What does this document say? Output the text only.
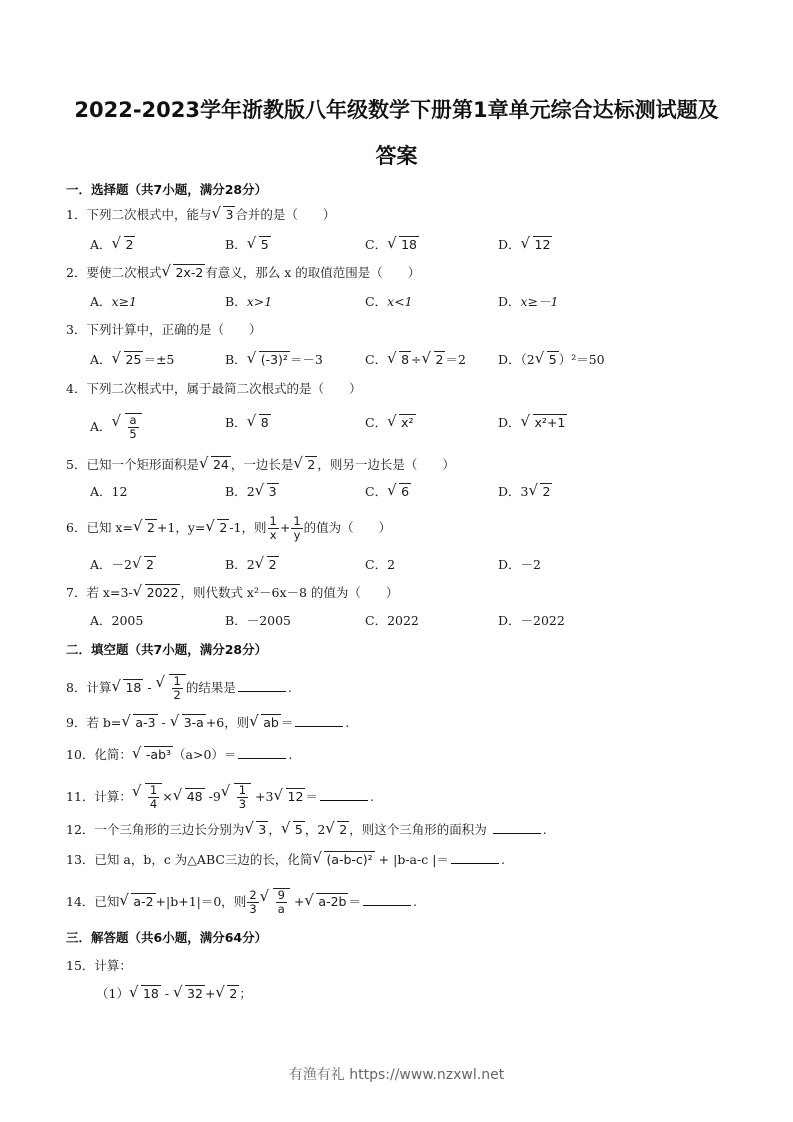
2022-2023学年浙教版八年级数学下册第1章单元综合达标测试题及
答案
一．选择题（共7小题，满分28分）
1．下列二次根式中，能与 √ 3 合并的是（　　）
A． √ 2	B． √ 5	C． √ 18	D． √ 12
2．要使二次根式 √ 2x-2 有意义，那么 x 的取值范围是（　　）
A．x≥1	B．x>1	C．x<1	D．x≥－1
3．下列计算中，正确的是（　　）
A． √ 25 ＝±5	B． √ (-3)² ＝－3	C． √ 8 ÷ √ 2 ＝2	D．（2 √ 5 ）²＝50
4．下列二次根式中，属于最简二次根式的是（　　）
A． √ $\frac{a}{5}$	B． √ 8	C． √ x²	D． √ x²+1
5．已知一个矩形面积是 √ 24 ，一边长是 √ 2 ，则另一边长是（　　）
A．12	B．2 √ 3	C． √ 6	D．3 √ 2
6．已知 x= √ 2 +1，y= √ 2 -1，则 $\frac{1}{x} + \frac{1}{y}$ 的值为（　　）
A．－2 √ 2	B．2 √ 2	C．2	D．－2
7．若 x=3- √ 2022 ，则代数式 x²－6x－8 的值为（　　）
A．2005	B．－2005	C．2022	D．－2022
二．填空题（共7小题，满分28分）
8．计算 √ 18 - √ $\frac{1}{2}$ 的结果是	.
9．若 b= √ a-3 - √ 3-a +6，则 √ ab ＝	.
10．化简： √ -ab³ （a>0）＝	.
11．计算： √ $\frac{1}{4}$ × √ 48 -9 √ $\frac{1}{3} +3$ √ 12 ＝	.
12．一个三角形的三边长分别为 √ 3 ， √ 5 ，2 √ 2 ，则这个三角形的面积为	.
13．已知 a，b，c 为△ABC三边的长，化简 √ (a-b-c)² + |b-a-c |＝	.
14．已知 √ a-2 +|b+1|＝0，则 $\frac{2}{3}$ √ $\frac{9}{a}$ + √ a-2b ＝	.
三．解答题（共6小题，满分64分）
15．计算：
（1） √ 18 - √ 32 + √ 2 ；
有渔有礼 https://www.nzxwl.net
